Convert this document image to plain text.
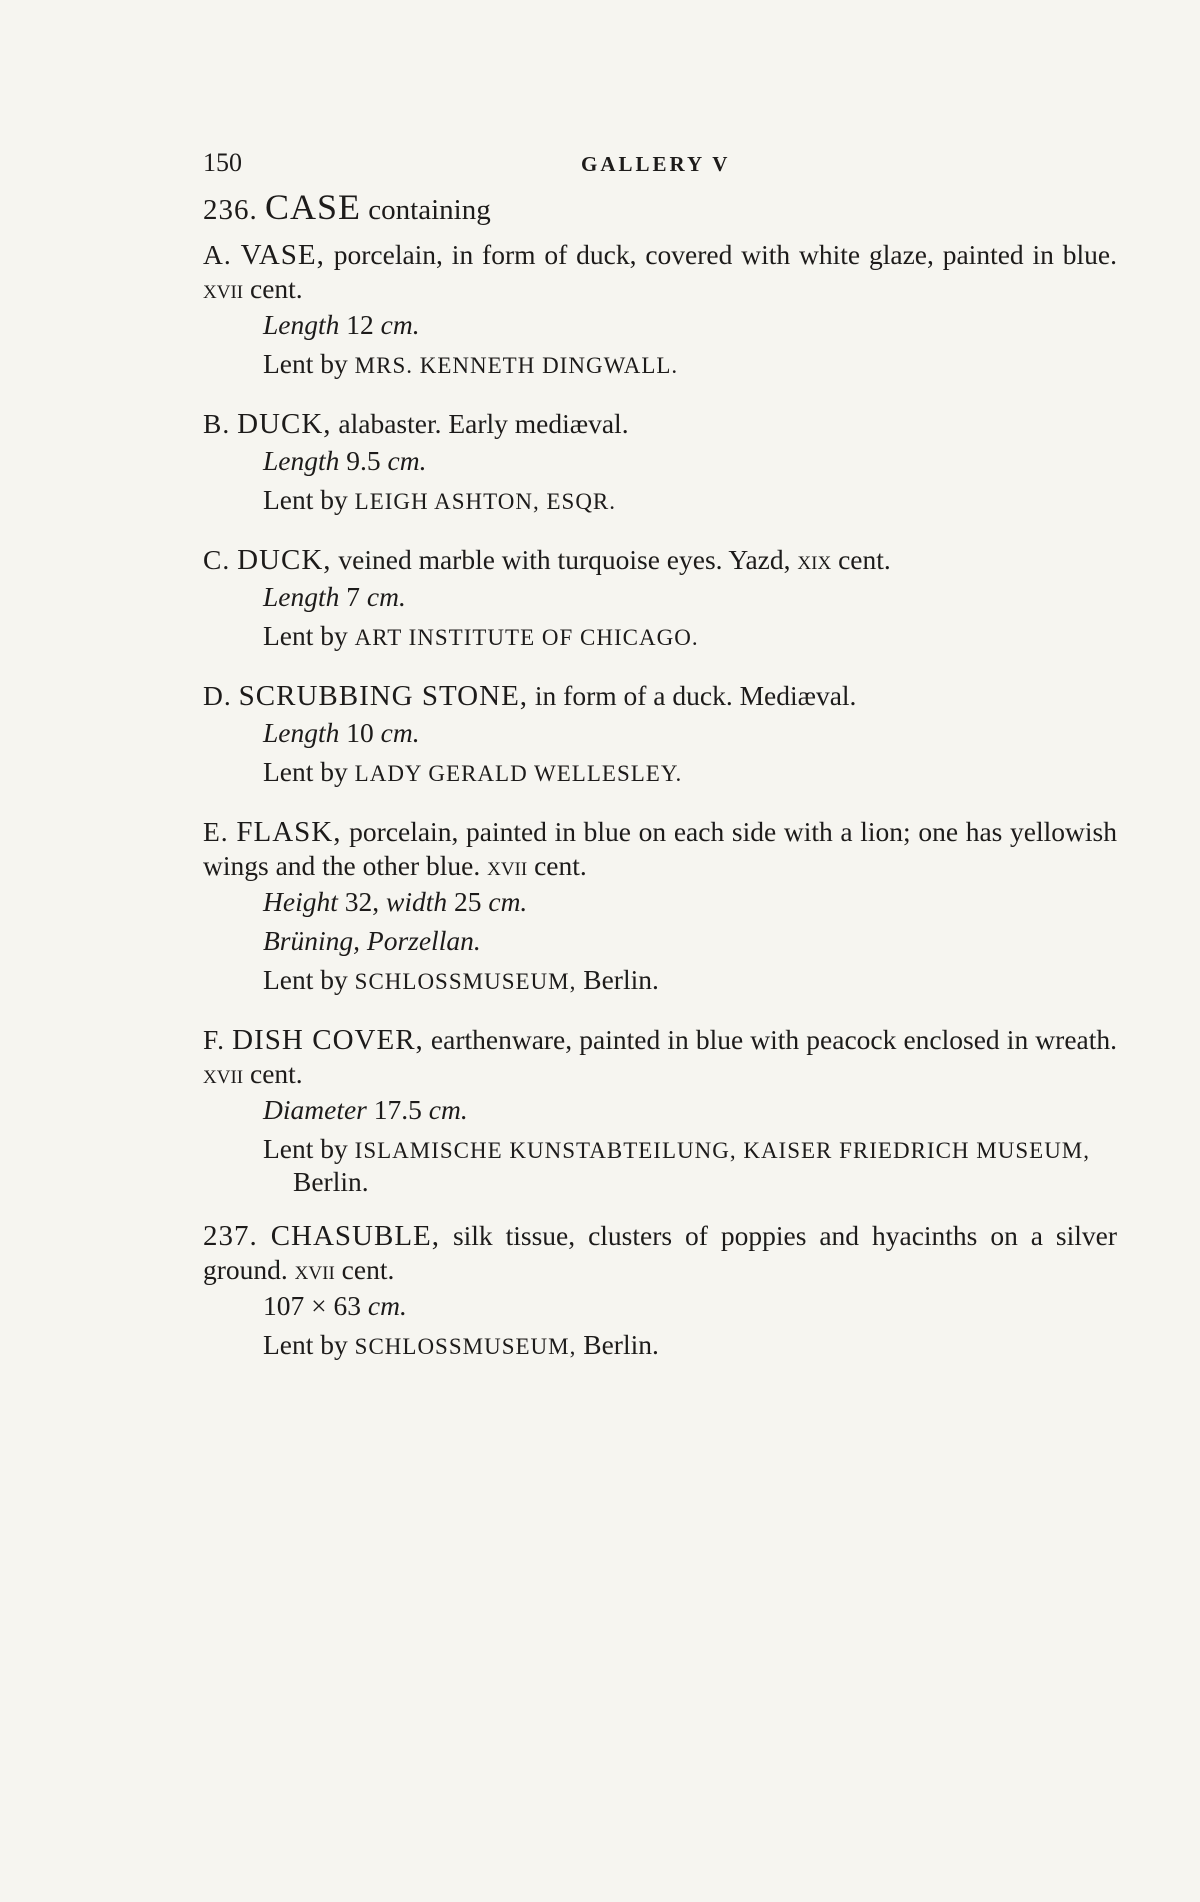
150	GALLERY V
236. CASE containing
A. VASE, porcelain, in form of duck, covered with white glaze, painted in blue. xvii cent.
Length 12 cm.
Lent by MRS. KENNETH DINGWALL.
B. DUCK, alabaster. Early mediæval.
Length 9.5 cm.
Lent by LEIGH ASHTON, ESQR.
C. DUCK, veined marble with turquoise eyes. Yazd, xix cent.
Length 7 cm.
Lent by ART INSTITUTE OF CHICAGO.
D. SCRUBBING STONE, in form of a duck. Mediæval.
Length 10 cm.
Lent by LADY GERALD WELLESLEY.
E. FLASK, porcelain, painted in blue on each side with a lion; one has yellowish wings and the other blue. xvii cent.
Height 32, width 25 cm.
Brüning, Porzellan.
Lent by SCHLOSSMUSEUM, Berlin.
F. DISH COVER, earthenware, painted in blue with peacock enclosed in wreath. xvii cent.
Diameter 17.5 cm.
Lent by ISLAMISCHE KUNSTABTEILUNG, KAISER FRIEDRICH MUSEUM,
Berlin.
237. CHASUBLE, silk tissue, clusters of poppies and hyacinths on a silver ground. xvii cent.
107 × 63 cm.
Lent by SCHLOSSMUSEUM, Berlin.
